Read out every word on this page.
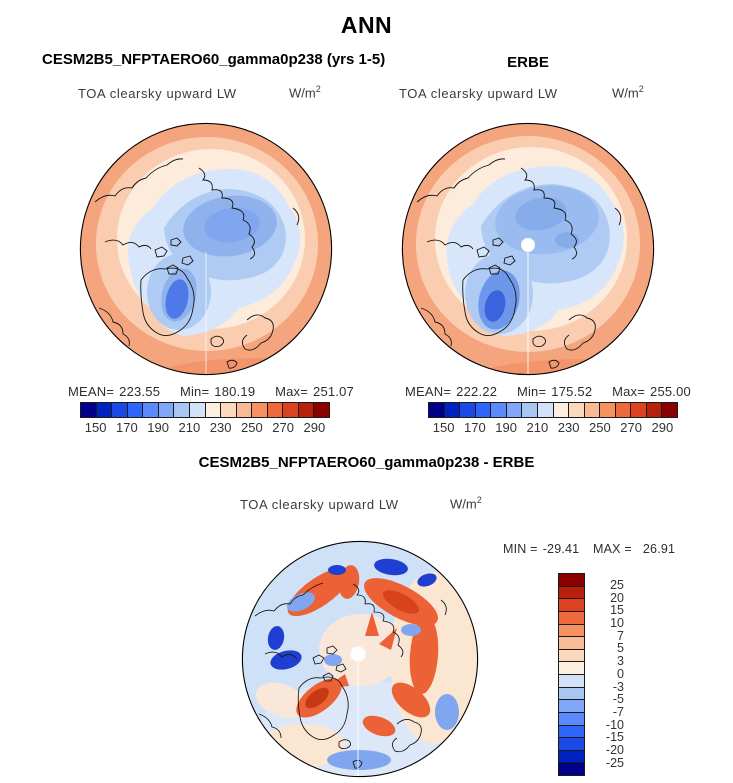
ANN
CESM2B5_NFPTAERO60_gamma0p238 (yrs 1-5)	ERBE
TOA clearsky upward LW	$W/m^2$	TOA clearsky upward LW	$W/m^2$
MEAN= 223.55 Min= 180.19 Max= 251.07	MEAN= 222.22 Min= 175.52 Max= 255.00
150 170 190 210 230 250 270 290	150 170 190 210 230 250 270 290
CESM2B5_NFPTAERO60_gamma0p238 - ERBE
TOA clearsky upward LW	$W/m^2$
MIN = -29.41 MAX = 26.91
25
20
15
10
7
5
3
0
-3
-5
-7
-10
-15
-20
-25
